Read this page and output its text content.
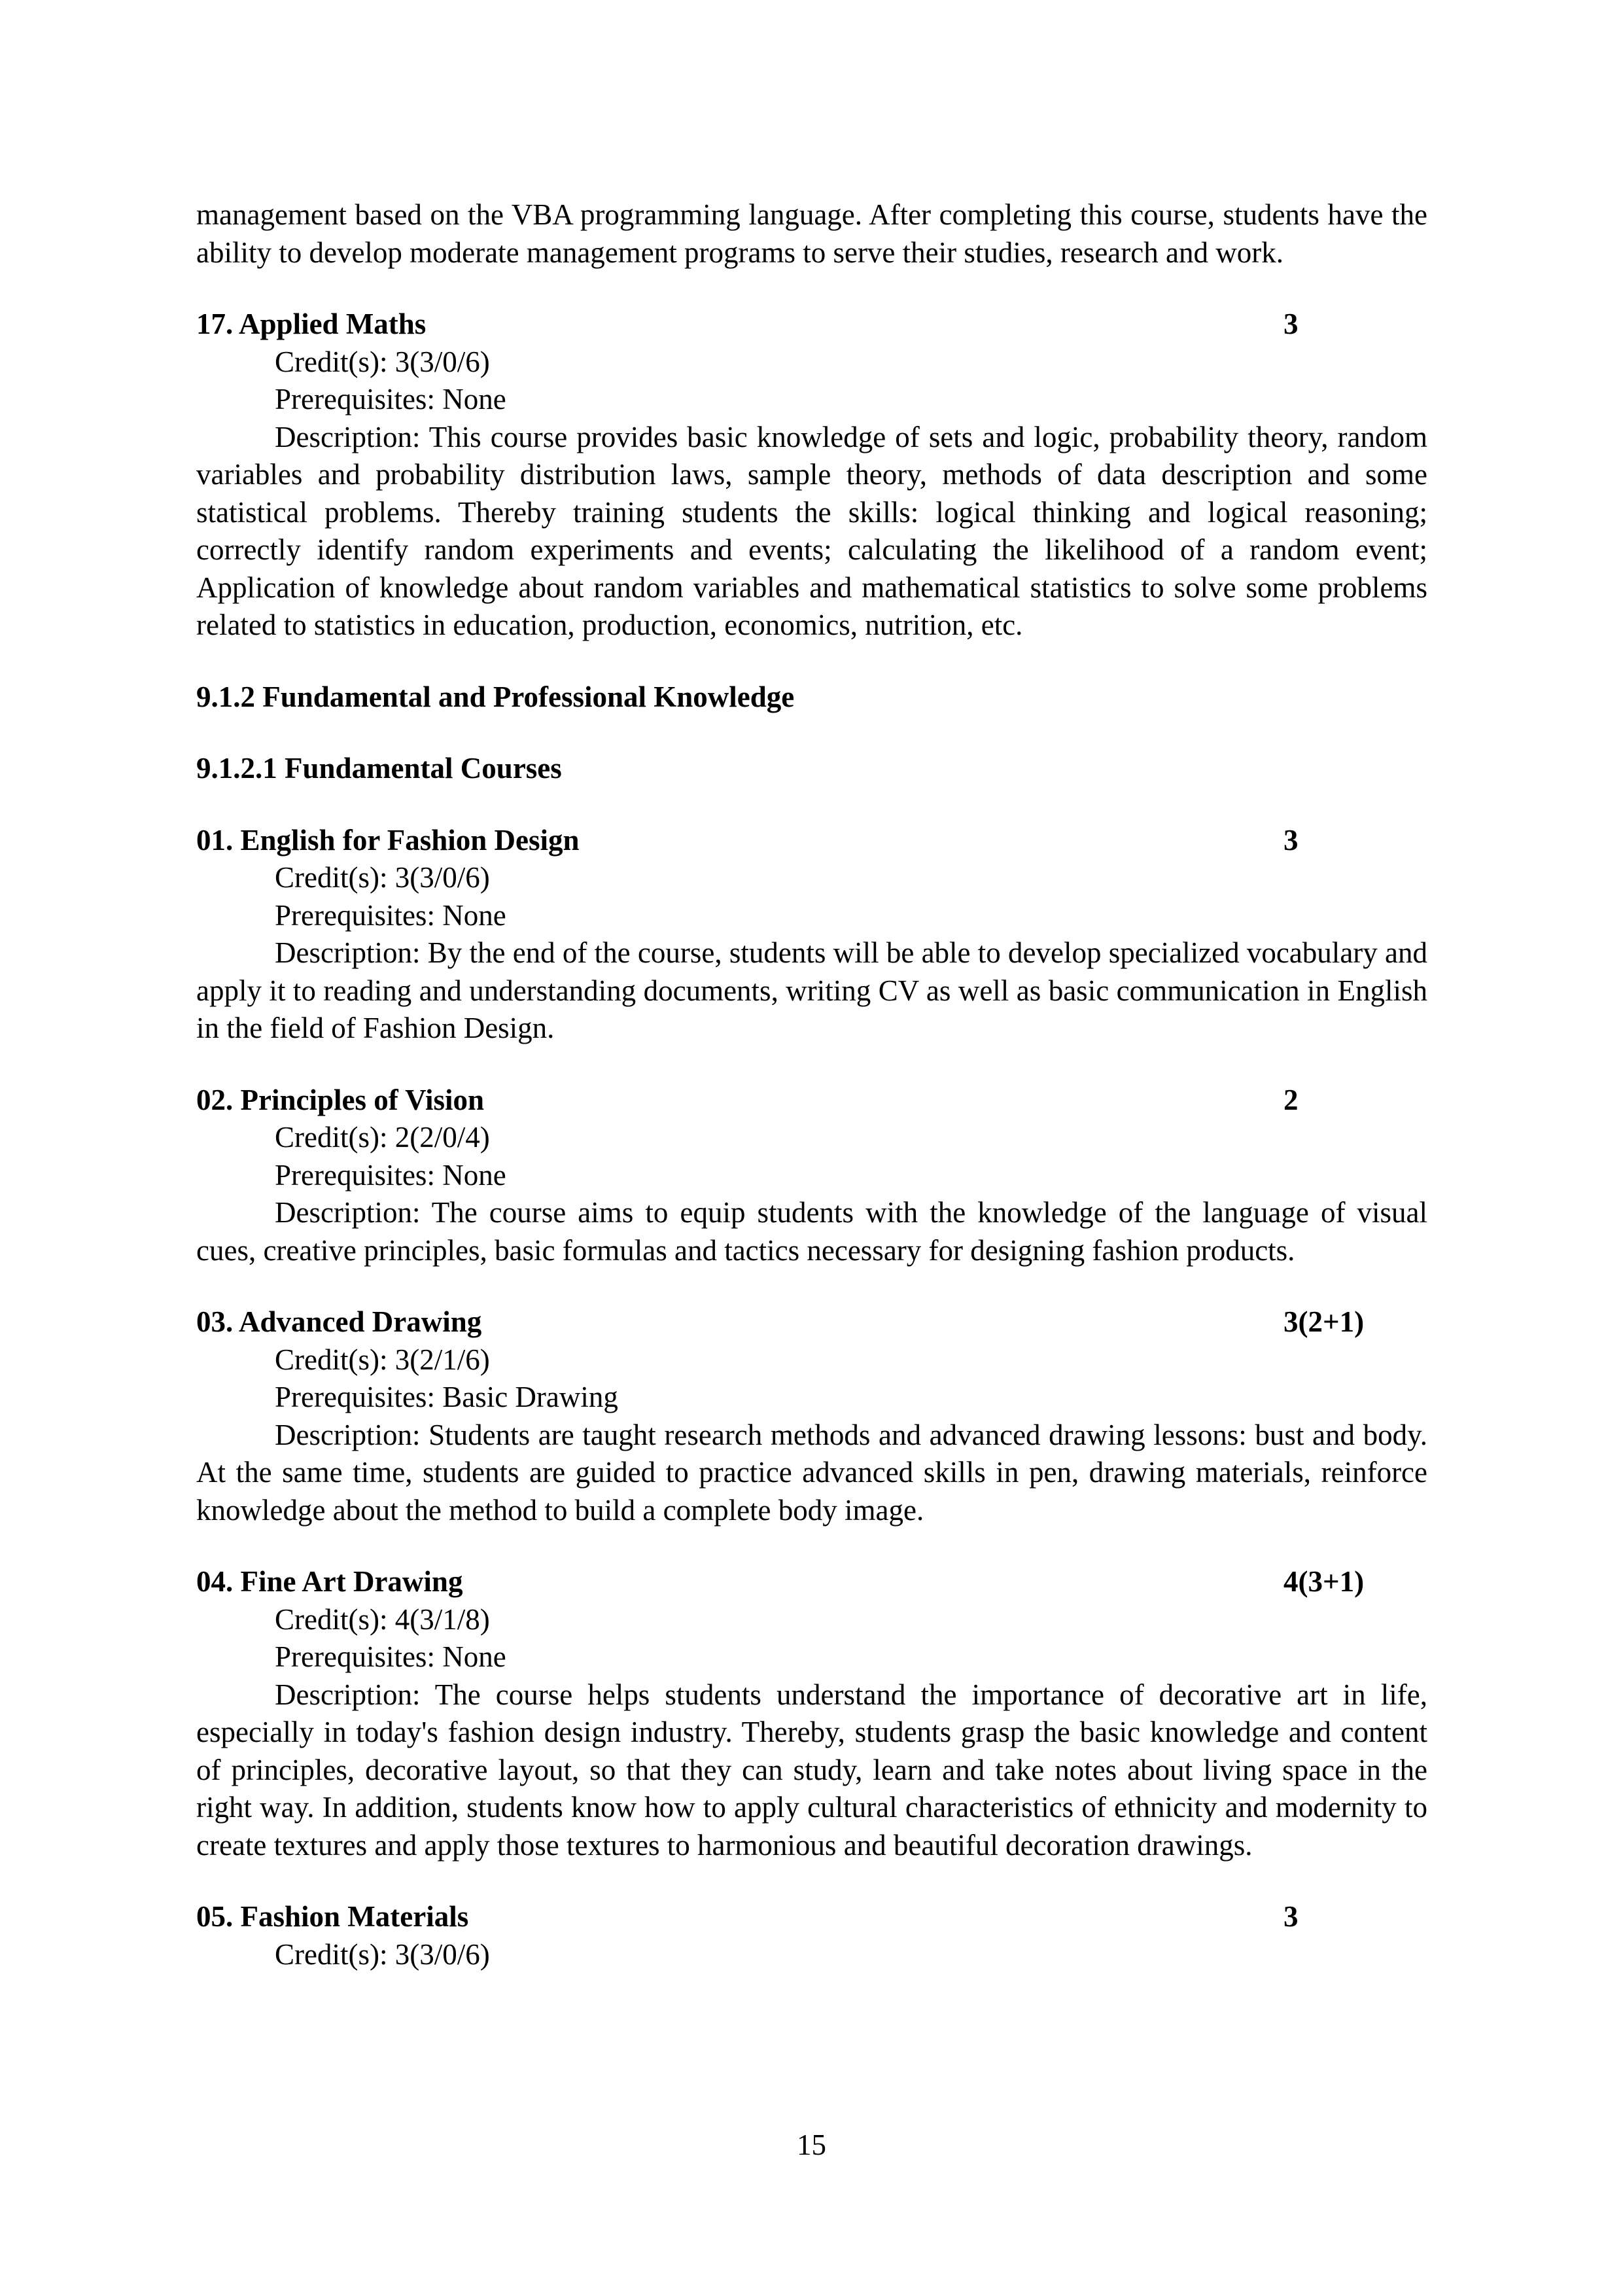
management based on the VBA programming language. After completing this course, students have the ability to develop moderate management programs to serve their studies, research and work.

17. Applied Maths	3

Credit(s): 3(3/0/6)

Prerequisites: None

Description: This course provides basic knowledge of sets and logic, probability theory, random variables and probability distribution laws, sample theory, methods of data description and some statistical problems. Thereby training students the skills: logical thinking and logical reasoning; correctly identify random experiments and events; calculating the likelihood of a random event; Application of knowledge about random variables and mathematical statistics to solve some problems related to statistics in education, production, economics, nutrition, etc.

9.1.2 Fundamental and Professional Knowledge

9.1.2.1 Fundamental Courses

01. English for Fashion Design	3

Credit(s): 3(3/0/6)

Prerequisites: None

Description: By the end of the course, students will be able to develop specialized vocabulary and apply it to reading and understanding documents, writing CV as well as basic communication in English in the field of Fashion Design.

02. Principles of Vision	2

Credit(s): 2(2/0/4)

Prerequisites: None

Description: The course aims to equip students with the knowledge of the language of visual cues, creative principles, basic formulas and tactics necessary for designing fashion products.

03. Advanced Drawing	3(2+1)

Credit(s): 3(2/1/6)

Prerequisites: Basic Drawing

Description: Students are taught research methods and advanced drawing lessons: bust and body. At the same time, students are guided to practice advanced skills in pen, drawing materials, reinforce knowledge about the method to build a complete body image.

04. Fine Art Drawing	4(3+1)

Credit(s): 4(3/1/8)

Prerequisites: None

Description: The course helps students understand the importance of decorative art in life, especially in today's fashion design industry. Thereby, students grasp the basic knowledge and content of principles, decorative layout, so that they can study, learn and take notes about living space in the right way. In addition, students know how to apply cultural characteristics of ethnicity and modernity to create textures and apply those textures to harmonious and beautiful decoration drawings.

05. Fashion Materials	3

Credit(s): 3(3/0/6)

15
